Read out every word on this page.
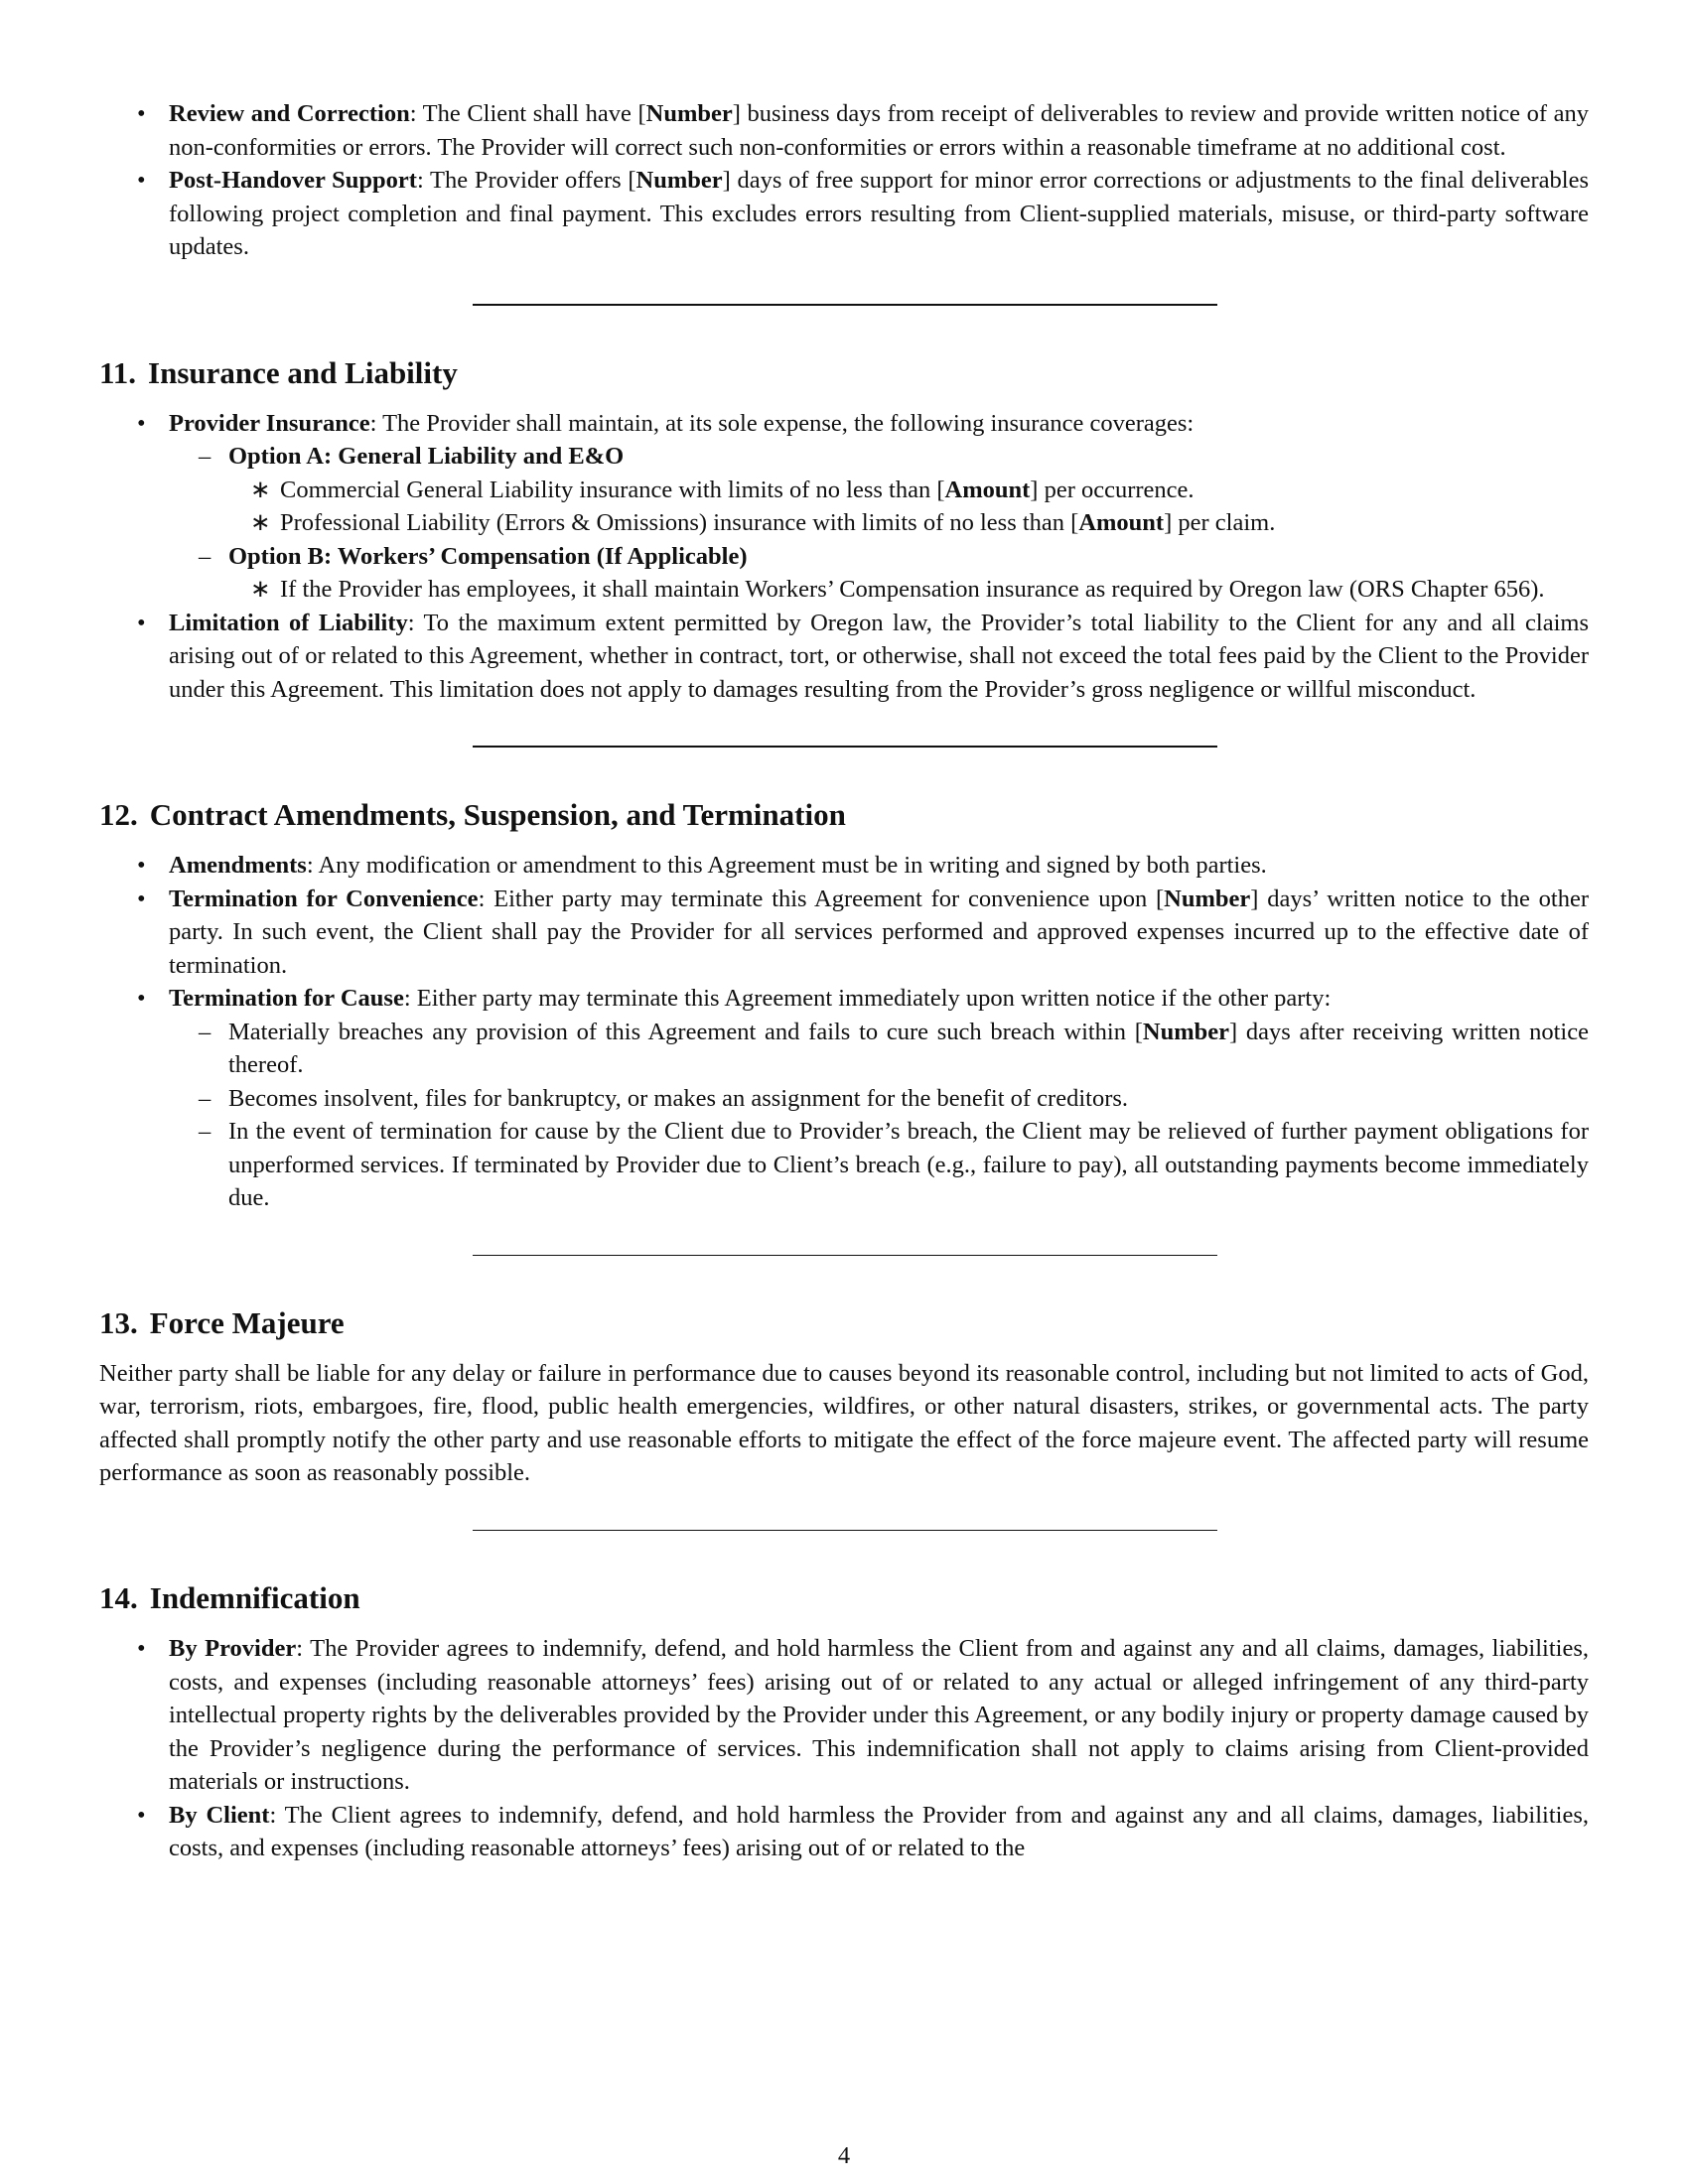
• Review and Correction: The Client shall have [Number] business days from receipt of deliverables to review and provide written notice of any non-conformities or errors. The Provider will correct such non-conformities or errors within a reasonable timeframe at no additional cost.
• Post-Handover Support: The Provider offers [Number] days of free support for minor error corrections or adjustments to the final deliverables following project completion and final payment. This excludes errors resulting from Client-supplied materials, misuse, or third-party software updates.
11. Insurance and Liability
• Provider Insurance: The Provider shall maintain, at its sole expense, the following insurance coverages:
– Option A: General Liability and E&O
∗ Commercial General Liability insurance with limits of no less than [Amount] per occurrence.
∗ Professional Liability (Errors & Omissions) insurance with limits of no less than [Amount] per claim.
– Option B: Workers’ Compensation (If Applicable)
∗ If the Provider has employees, it shall maintain Workers’ Compensation insurance as required by Oregon law (ORS Chapter 656).
• Limitation of Liability: To the maximum extent permitted by Oregon law, the Provider’s total liability to the Client for any and all claims arising out of or related to this Agreement, whether in contract, tort, or otherwise, shall not exceed the total fees paid by the Client to the Provider under this Agreement. This limitation does not apply to damages resulting from the Provider’s gross negligence or willful misconduct.
12. Contract Amendments, Suspension, and Termination
• Amendments: Any modification or amendment to this Agreement must be in writing and signed by both parties.
• Termination for Convenience: Either party may terminate this Agreement for convenience upon [Number] days’ written notice to the other party. In such event, the Client shall pay the Provider for all services performed and approved expenses incurred up to the effective date of termination.
• Termination for Cause: Either party may terminate this Agreement immediately upon written notice if the other party:
– Materially breaches any provision of this Agreement and fails to cure such breach within [Number] days after receiving written notice thereof.
– Becomes insolvent, files for bankruptcy, or makes an assignment for the benefit of creditors.
– In the event of termination for cause by the Client due to Provider’s breach, the Client may be relieved of further payment obligations for unperformed services. If terminated by Provider due to Client’s breach (e.g., failure to pay), all outstanding payments become immediately due.
13. Force Majeure

Neither party shall be liable for any delay or failure in performance due to causes beyond its reasonable control, including but not limited to acts of God, war, terrorism, riots, embargoes, fire, flood, public health emergencies, wildfires, or other natural disasters, strikes, or governmental acts. The party affected shall promptly notify the other party and use reasonable efforts to mitigate the effect of the force majeure event. The affected party will resume performance as soon as reasonably possible.

14. Indemnification
• By Provider: The Provider agrees to indemnify, defend, and hold harmless the Client from and against any and all claims, damages, liabilities, costs, and expenses (including reasonable attorneys’ fees) arising out of or related to any actual or alleged infringement of any third-party intellectual property rights by the deliverables provided by the Provider under this Agreement, or any bodily injury or property damage caused by the Provider’s negligence during the performance of services. This indemnification shall not apply to claims arising from Client-provided materials or instructions.
• By Client: The Client agrees to indemnify, defend, and hold harmless the Provider from and against any and all claims, damages, liabilities, costs, and expenses (including reasonable attorneys’ fees) arising out of or related to the
4
